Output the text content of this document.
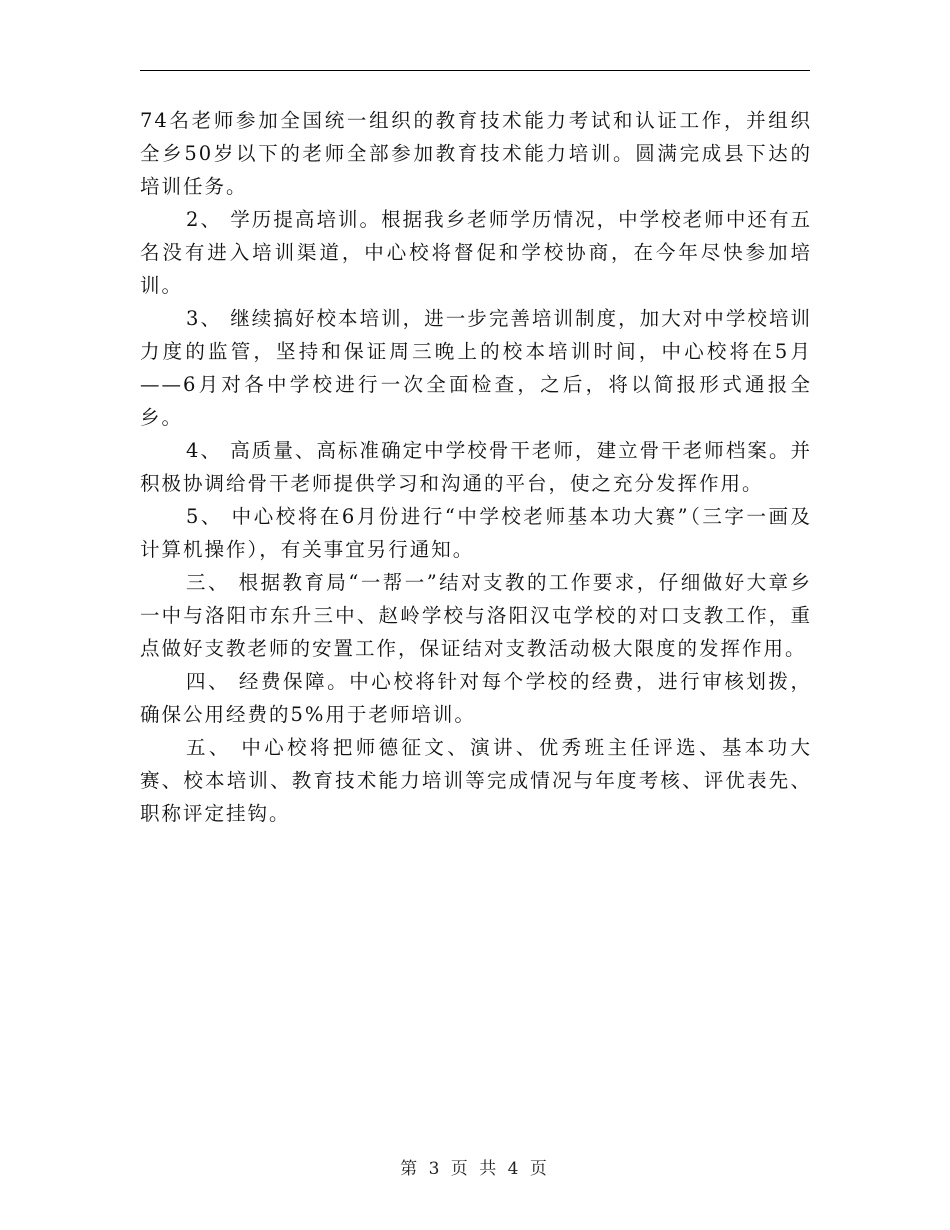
74名老师参加全国统一组织的教育技术能力考试和认证工作，并组织全乡50岁以下的老师全部参加教育技术能力培训。圆满完成县下达的培训任务。

2、 学历提高培训。根据我乡老师学历情况，中学校老师中还有五名没有进入培训渠道，中心校将督促和学校协商，在今年尽快参加培训。

3、 继续搞好校本培训，进一步完善培训制度，加大对中学校培训力度的监管，坚持和保证周三晚上的校本培训时间，中心校将在5月——6月对各中学校进行一次全面检查，之后，将以简报形式通报全乡。

4、 高质量、高标准确定中学校骨干老师，建立骨干老师档案。并积极协调给骨干老师提供学习和沟通的平台，使之充分发挥作用。

5、 中心校将在6月份进行“中学校老师基本功大赛”（三字一画及计算机操作），有关事宜另行通知。

三、 根据教育局“一帮一”结对支教的工作要求，仔细做好大章乡一中与洛阳市东升三中、赵岭学校与洛阳汉屯学校的对口支教工作，重点做好支教老师的安置工作，保证结对支教活动极大限度的发挥作用。

四、 经费保障。中心校将针对每个学校的经费，进行审核划拨，确保公用经费的5%用于老师培训。

五、 中心校将把师德征文、演讲、优秀班主任评选、基本功大赛、校本培训、教育技术能力培训等完成情况与年度考核、评优表先、职称评定挂钩。

第 3 页 共 4 页
